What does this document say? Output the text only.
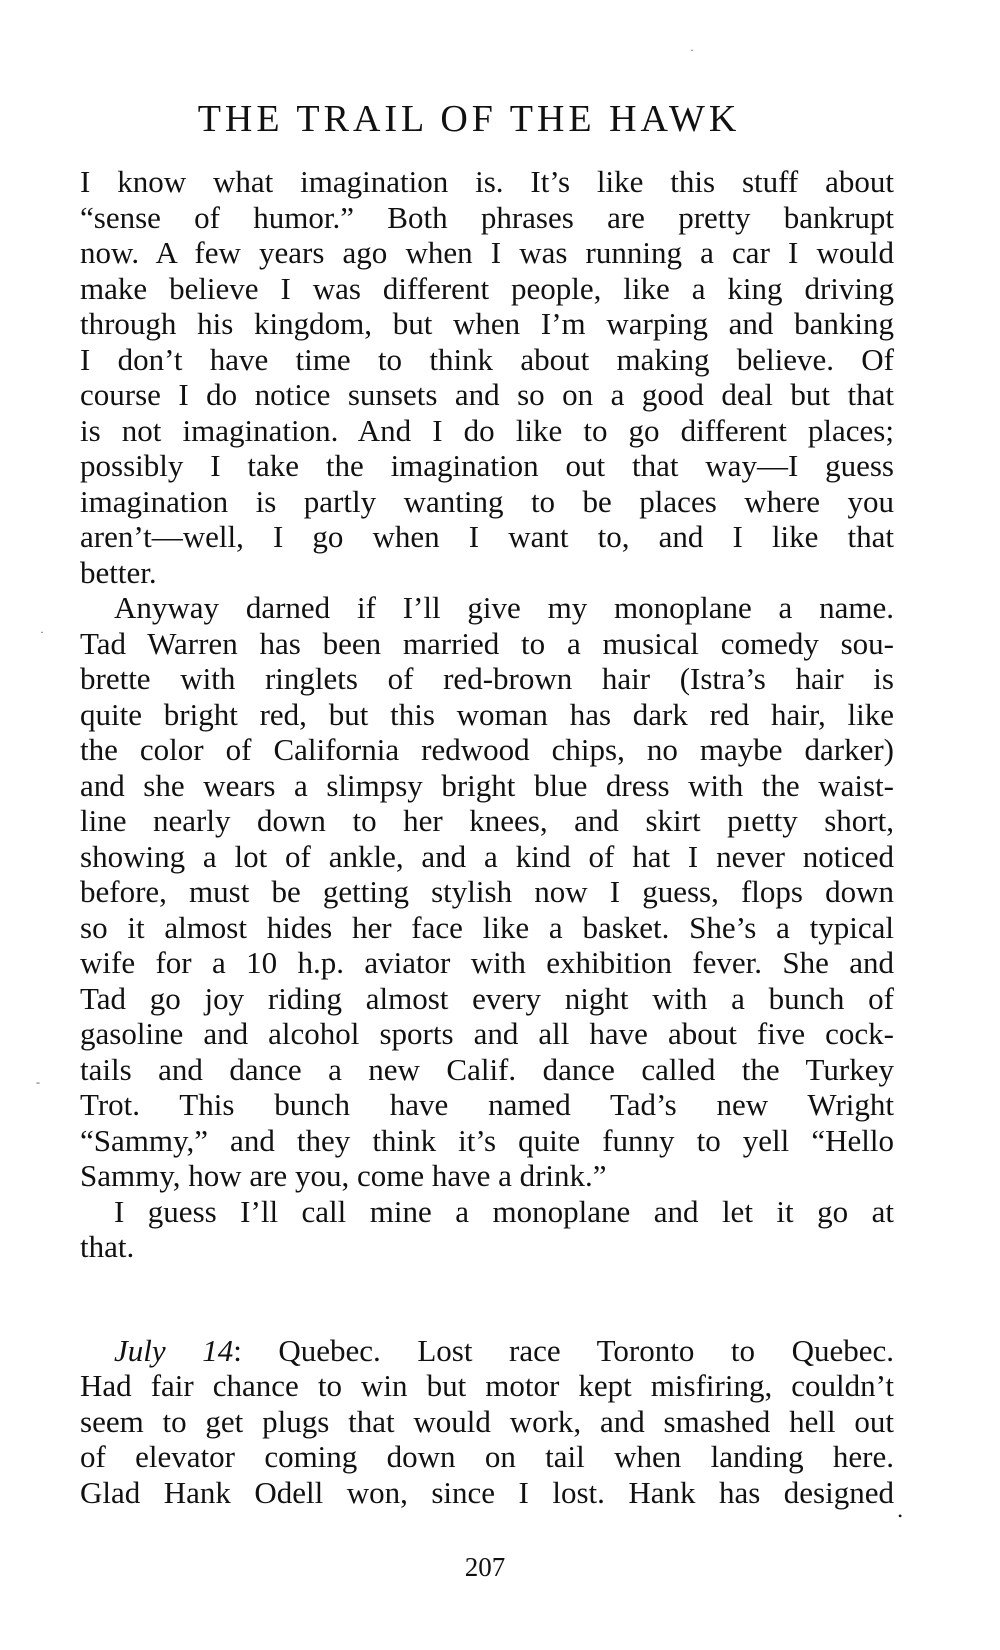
THE TRAIL OF THE HAWK
I know what imagination is. It’s like this stuff about
“sense of humor.” Both phrases are pretty bankrupt
now. A few years ago when I was running a car I would
make believe I was different people, like a king driving
through his kingdom, but when I’m warping and banking
I don’t have time to think about making believe. Of
course I do notice sunsets and so on a good deal but that
is not imagination. And I do like to go different places;
possibly I take the imagination out that way—I guess
imagination is partly wanting to be places where you
aren’t—well, I go when I want to, and I like that
better.
Anyway darned if I’ll give my monoplane a name.
Tad Warren has been married to a musical comedy sou-
brette with ringlets of red-brown hair (Istra’s hair is
quite bright red, but this woman has dark red hair, like
the color of California redwood chips, no maybe darker)
and she wears a slimpsy bright blue dress with the waist-
line nearly down to her knees, and skirt pıetty short,
showing a lot of ankle, and a kind of hat I never noticed
before, must be getting stylish now I guess, flops down
so it almost hides her face like a basket. She’s a typical
wife for a 10 h.p. aviator with exhibition fever. She and
Tad go joy riding almost every night with a bunch of
gasoline and alcohol sports and all have about five cock-
tails and dance a new Calif. dance called the Turkey
Trot. This bunch have named Tad’s new Wright
“Sammy,” and they think it’s quite funny to yell “Hello
Sammy, how are you, come have a drink.”
I guess I’ll call mine a monoplane and let it go at
that.
July 14: Quebec. Lost race Toronto to Quebec.
Had fair chance to win but motor kept misfiring, couldn’t
seem to get plugs that would work, and smashed hell out
of elevator coming down on tail when landing here.
Glad Hank Odell won, since I lost. Hank has designed
207
·
·
-
•
